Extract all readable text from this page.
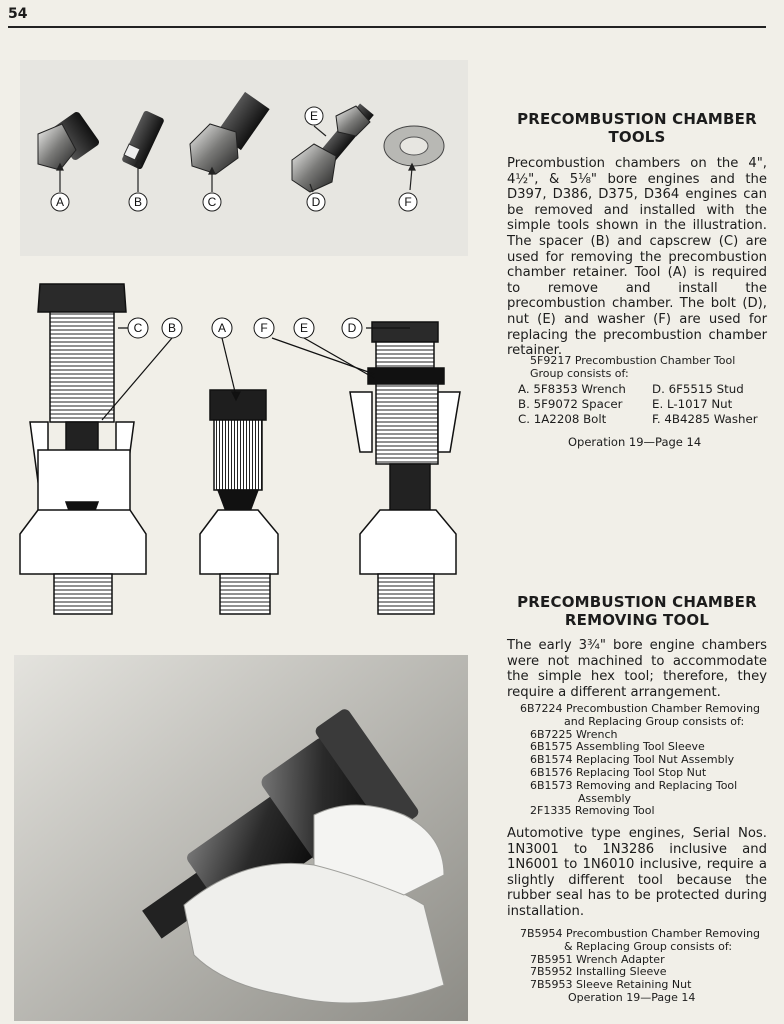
54
A	B	C	D
E
F
C B	A	F	E	D
PRECOMBUSTION CHAMBER
TOOLS
Precombustion chambers on the 4", 4½", & 5⅛" bore engines and the D397, D386, D375, D364 engines can be removed and installed with the simple tools shown in the illustration. The spacer (B) and capscrew (C) are used for removing the precombustion chamber retainer. Tool (A) is required to remove and install the precombustion chamber. The bolt (D), nut (E) and washer (F) are used for replacing the precombustion chamber retainer.
5F9217 Precombustion Chamber Tool
Group consists of:
A. 5F8353 Wrench	D. 6F5515 Stud
B. 5F9072 Spacer	E. L-1017 Nut
C. 1A2208 Bolt	F. 4B4285 Washer
Operation 19—Page 14
PRECOMBUSTION CHAMBER
REMOVING TOOL
The early 3¾" bore engine chambers were not machined to accommodate the simple hex tool; therefore, they require a different arrangement.
6B7224 Precombustion Chamber Removing
and Replacing Group consists of:
6B7225 Wrench
6B1575 Assembling Tool Sleeve
6B1574 Replacing Tool Nut Assembly
6B1576 Replacing Tool Stop Nut
6B1573 Removing and Replacing Tool
Assembly
2F1335 Removing Tool
Automotive type engines, Serial Nos. 1N3001 to 1N3286 inclusive and 1N6001 to 1N6010 inclusive, require a slightly different tool because the rubber seal has to be protected during installation.
7B5954 Precombustion Chamber Removing
& Replacing Group consists of:
7B5951 Wrench Adapter
7B5952 Installing Sleeve
7B5953 Sleeve Retaining Nut
Operation 19—Page 14
